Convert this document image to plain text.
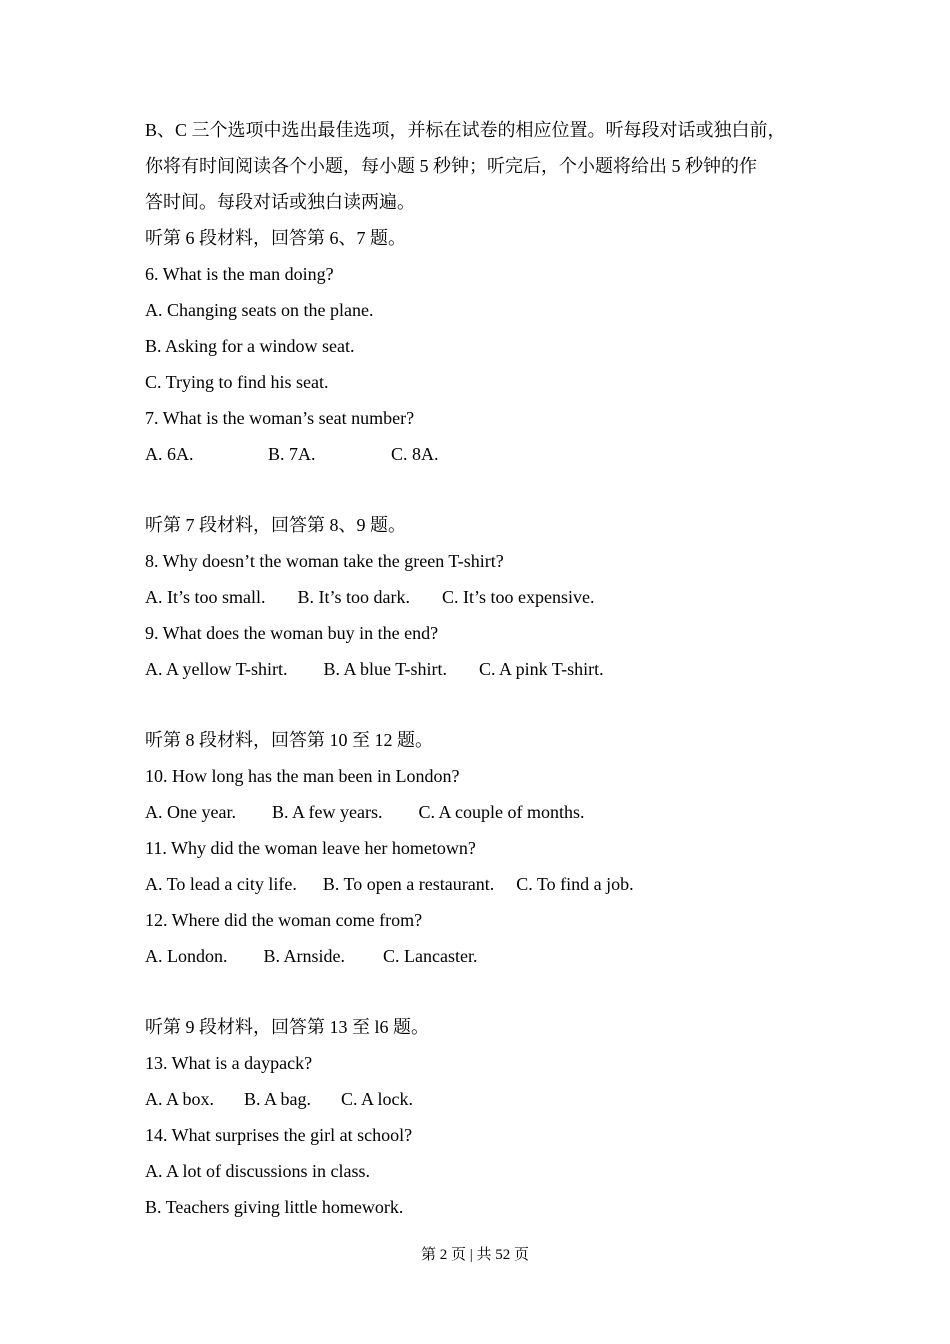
B、C 三个选项中选出最佳选项，并标在试卷的相应位置。听每段对话或独白前，
你将有时间阅读各个小题，每小题 5 秒钟；听完后，个小题将给出 5 秒钟的作
答时间。每段对话或独白读两遍。
听第 6 段材料，回答第 6、7 题。
6. What is the man doing?
A. Changing seats on the plane.
B. Asking for a window seat.
C. Trying to find his seat.
7. What is the woman’s seat number?
A. 6A.	B. 7A.	C. 8A.
听第 7 段材料，回答第 8、9 题。
8. Why doesn’t the woman take the green T-shirt?
A. It’s too small. B. It’s too dark. C. It’s too expensive.
9. What does the woman buy in the end?
A. A yellow T-shirt. B. A blue T-shirt. C. A pink T-shirt.
听第 8 段材料，回答第 10 至 12 题。
10. How long has the man been in London?
A. One year. B. A few years. C. A couple of months.
11. Why did the woman leave her hometown?
A. To lead a city life. B. To open a restaurant. C. To find a job.
12. Where did the woman come from?
A. London. B. Arnside. C. Lancaster.
听第 9 段材料，回答第 13 至 l6 题。
13. What is a daypack?
A. A box. B. A bag. C. A lock.
14. What surprises the girl at school?
A. A lot of discussions in class.
B. Teachers giving little homework.
第 2 页 | 共 52 页
